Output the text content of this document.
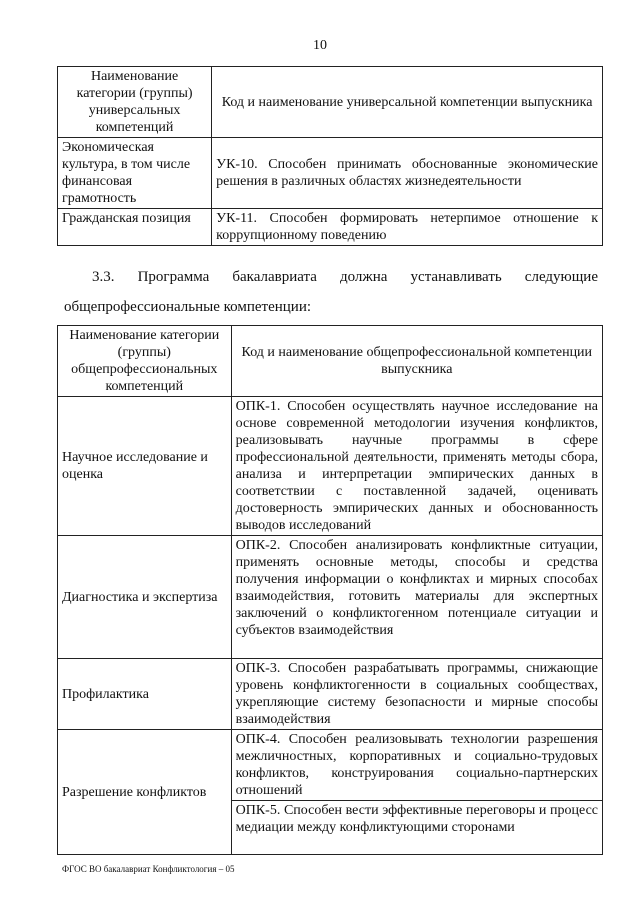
10
Наименование категории (группы) универсальных компетенций	Код и наименование универсальной компетенции выпускника
Экономическая культура, в том числе финансовая грамотность	УК-10. Способен принимать обоснованные экономические решения в различных областях жизнедеятельности
Гражданская позиция	УК-11. Способен формировать нетерпимое отношение к коррупционному поведению
3.3. Программа бакалавриата должна устанавливать следующие
общепрофессиональные компетенции:
Наименование категории (группы) общепрофессиональных компетенций	Код и наименование общепрофессиональной компетенции выпускника
Научное исследование и оценка	ОПК-1. Способен осуществлять научное исследование на основе современной методологии изучения конфликтов, реализовывать научные программы в сфере профессиональной деятельности, применять методы сбора, анализа и интерпретации эмпирических данных в соответствии с поставленной задачей, оценивать достоверность эмпирических данных и обоснованность выводов исследований
Диагностика и экспертиза	ОПК-2. Способен анализировать конфликтные ситуации, применять основные методы, способы и средства получения информации о конфликтах и мирных способах взаимодействия, готовить материалы для экспертных заключений о конфликтогенном потенциале ситуации и субъектов взаимодействия
Профилактика	ОПК-3. Способен разрабатывать программы, снижающие уровень конфликтогенности в социальных сообществах, укрепляющие систему безопасности и мирные способы взаимодействия
Разрешение конфликтов	ОПК-4. Способен реализовывать технологии разрешения межличностных, корпоративных и социально-трудовых конфликтов, конструирования социально-партнерских отношений
	ОПК-5. Способен вести эффективные переговоры и процесс медиации между конфликтующими сторонами
ФГОС ВО бакалавриат Конфликтология – 05
